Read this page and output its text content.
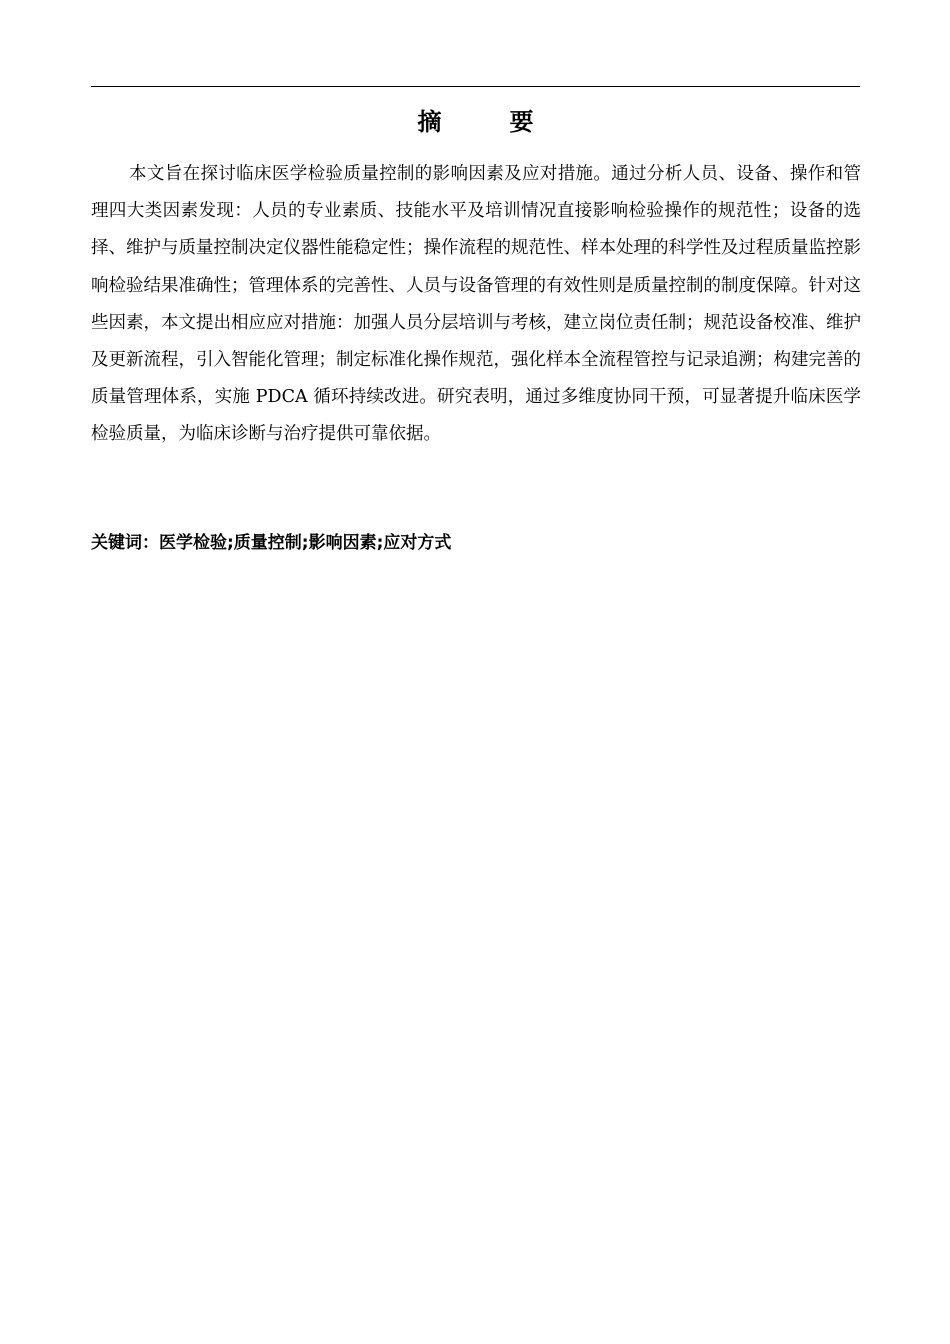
摘　要

本文旨在探讨临床医学检验质量控制的影响因素及应对措施。通过分析人员、设备、操作和管理四大类因素发现：人员的专业素质、技能水平及培训情况直接影响检验操作的规范性；设备的选择、维护与质量控制决定仪器性能稳定性；操作流程的规范性、样本处理的科学性及过程质量监控影响检验结果准确性；管理体系的完善性、人员与设备管理的有效性则是质量控制的制度保障。针对这些因素，本文提出相应应对措施：加强人员分层培训与考核，建立岗位责任制；规范设备校准、维护及更新流程，引入智能化管理；制定标准化操作规范，强化样本全流程管控与记录追溯；构建完善的质量管理体系，实施 PDCA 循环持续改进。研究表明，通过多维度协同干预，可显著提升临床医学检验质量，为临床诊断与治疗提供可靠依据。

关键词：医学检验;质量控制;影响因素;应对方式
